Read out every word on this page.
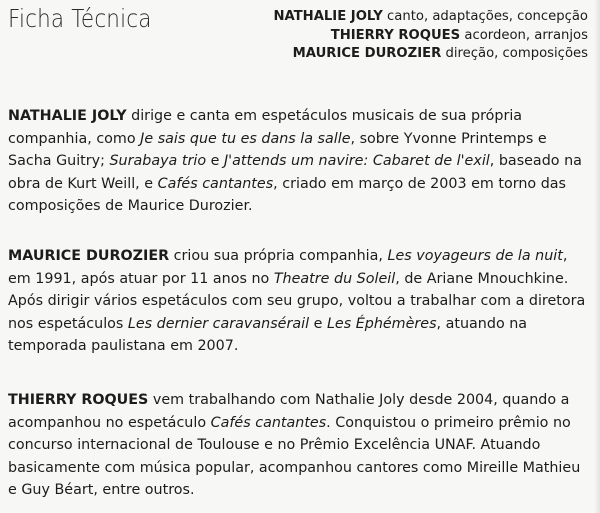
Ficha Técnica	NATHALIE JOLY canto, adaptações, concepção
THIERRY ROQUES acordeon, arranjos
MAURICE DUROZIER direção, composições

NATHALIE JOLY dirige e canta em espetáculos musicais de sua própria companhia, como Je sais que tu es dans la salle, sobre Yvonne Printemps e Sacha Guitry; Surabaya trio e J'attends um navire: Cabaret de l'exil, baseado na obra de Kurt Weill, e Cafés cantantes, criado em março de 2003 em torno das composições de Maurice Durozier.

MAURICE DUROZIER criou sua própria companhia, Les voyageurs de la nuit, em 1991, após atuar por 11 anos no Theatre du Soleil, de Ariane Mnouchkine. Após dirigir vários espetáculos com seu grupo, voltou a trabalhar com a diretora nos espetáculos Les dernier caravansérail e Les Éphémères, atuando na temporada paulistana em 2007.

THIERRY ROQUES vem trabalhando com Nathalie Joly desde 2004, quando a acompanhou no espetáculo Cafés cantantes. Conquistou o primeiro prêmio no concurso internacional de Toulouse e no Prêmio Excelência UNAF. Atuando basicamente com música popular, acompanhou cantores como Mireille Mathieu e Guy Béart, entre outros.
